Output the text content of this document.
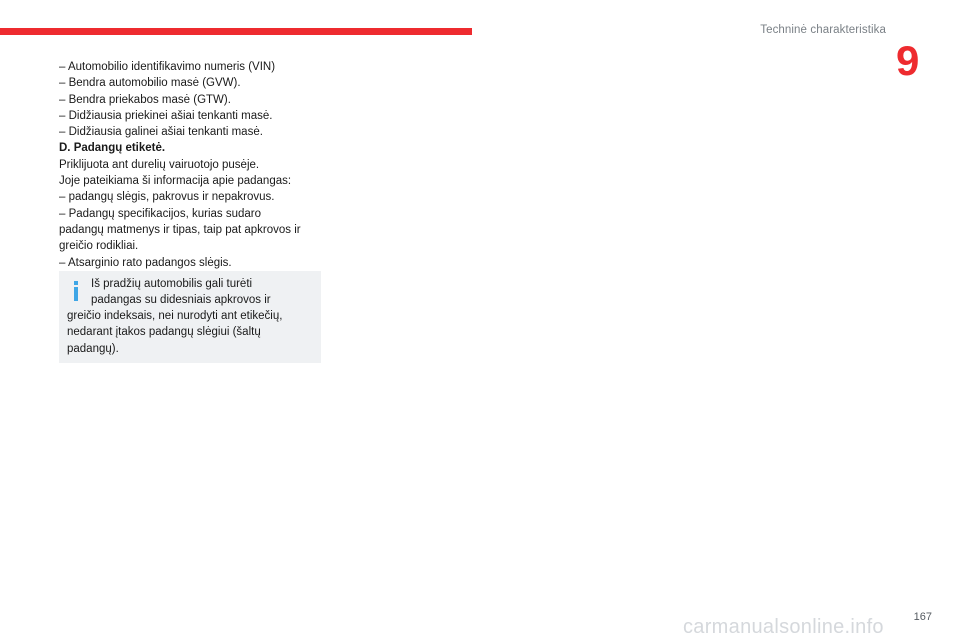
Techninė charakteristika
9

– Automobilio identifikavimo numeris (VIN)

– Bendra automobilio masė (GVW).

– Bendra priekabos masė (GTW).

– Didžiausia priekinei ašiai tenkanti masė.

– Didžiausia galinei ašiai tenkanti masė.

D. Padangų etiketė.

Priklijuota ant durelių vairuotojo pusėje.

Joje pateikiama ši informacija apie padangas:

– padangų slėgis, pakrovus ir nepakrovus.

– Padangų specifikacijos, kurias sudaro

padangų matmenys ir tipas, taip pat apkrovos ir

greičio rodikliai.

– Atsarginio rato padangos slėgis.

Iš pradžių automobilis gali turėti
padangas su didesniais apkrovos ir

greičio indeksais, nei nurodyti ant etikečių,

nedarant įtakos padangų slėgiui (šaltų

padangų).

167
carmanualsonline.info
